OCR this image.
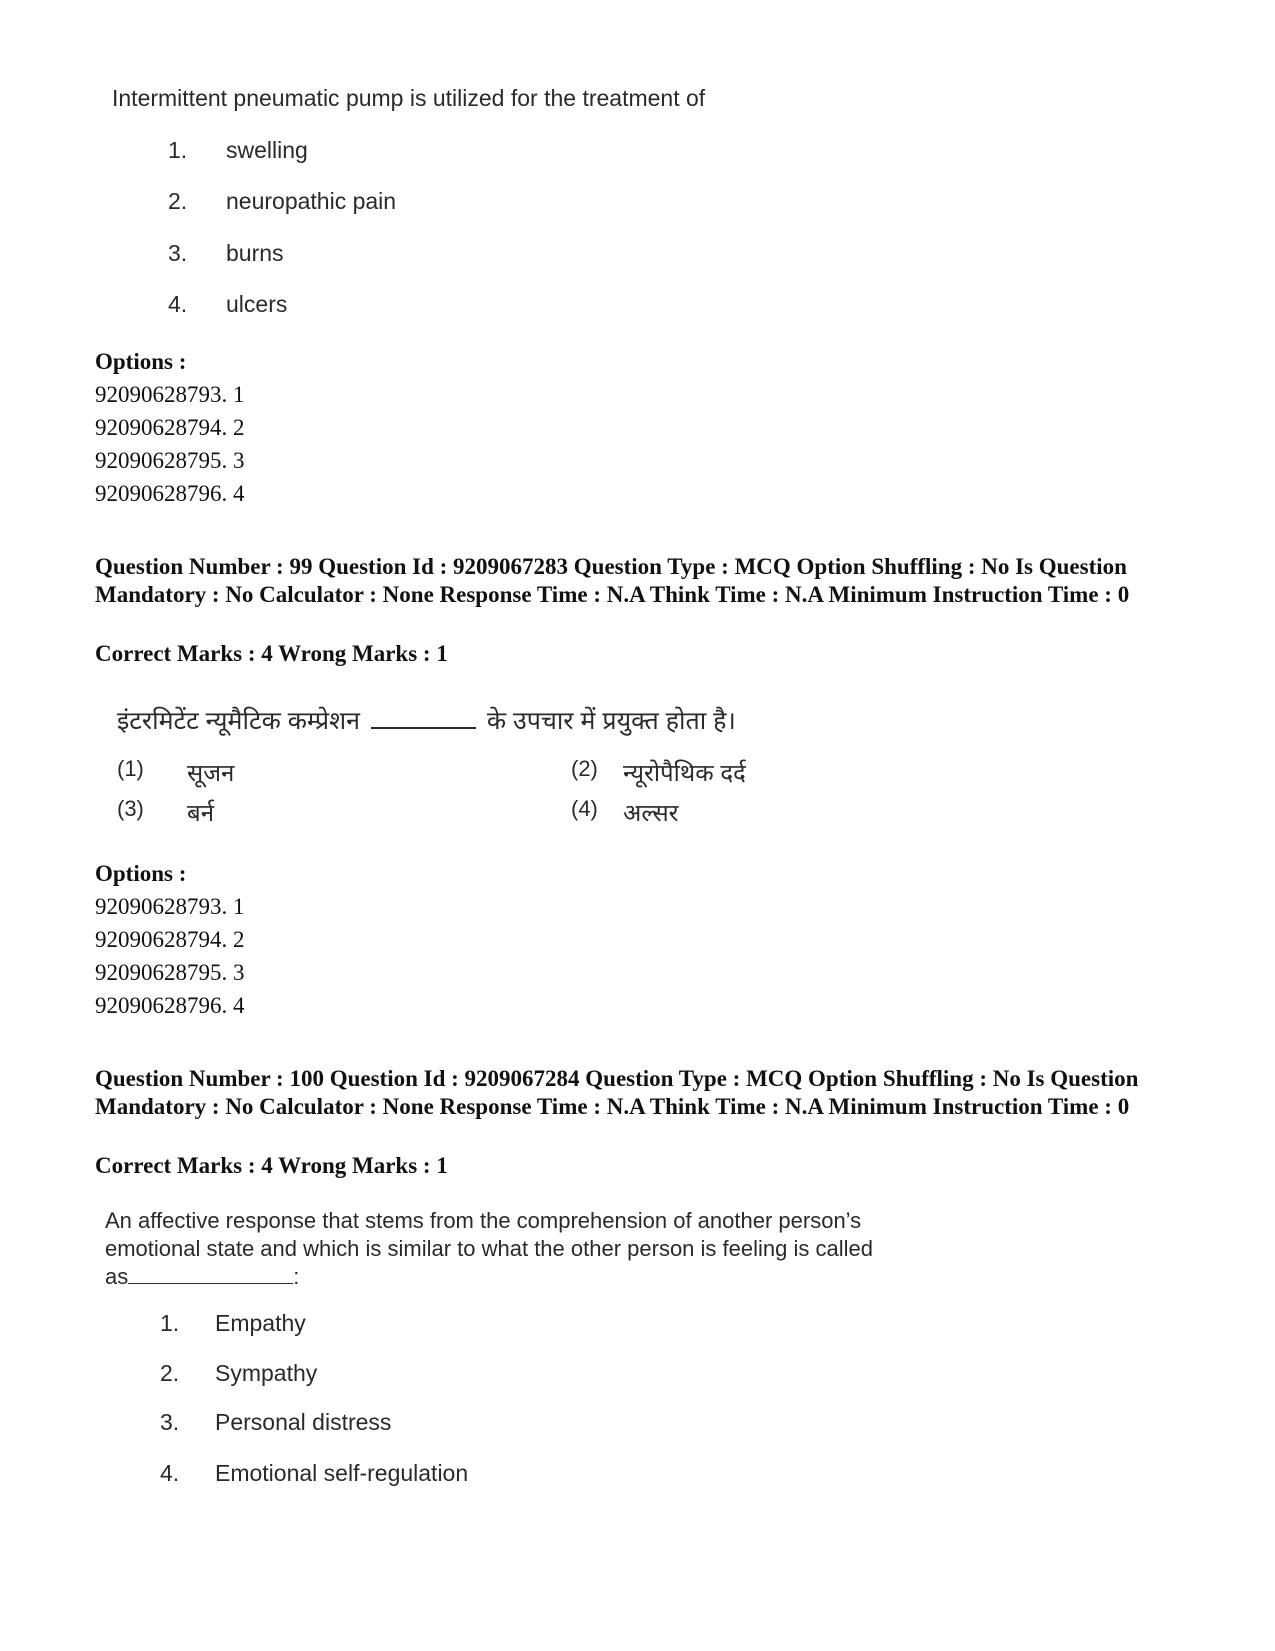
Intermittent pneumatic pump is utilized for the treatment of
1. swelling
2. neuropathic pain
3. burns
4. ulcers
Options :
92090628793. 1
92090628794. 2
92090628795. 3
92090628796. 4
Question Number : 99 Question Id : 9209067283 Question Type : MCQ Option Shuffling : No Is Question Mandatory : No Calculator : None Response Time : N.A Think Time : N.A Minimum Instruction Time : 0
Correct Marks : 4 Wrong Marks : 1
इंटरमिटेंट न्यूमैटिक कम्प्रेशन	के उपचार में प्रयुक्त होता है।
(1) सूजन	(2) न्यूरोपैथिक दर्द
(3) बर्न	(4) अल्सर
Options :
92090628793. 1
92090628794. 2
92090628795. 3
92090628796. 4
Question Number : 100 Question Id : 9209067284 Question Type : MCQ Option Shuffling : No Is Question Mandatory : No Calculator : None Response Time : N.A Think Time : N.A Minimum Instruction Time : 0
Correct Marks : 4 Wrong Marks : 1
An affective response that stems from the comprehension of another person’s
emotional state and which is similar to what the other person is feeling is called
as	:
1. Empathy
2. Sympathy
3. Personal distress
4. Emotional self-regulation
